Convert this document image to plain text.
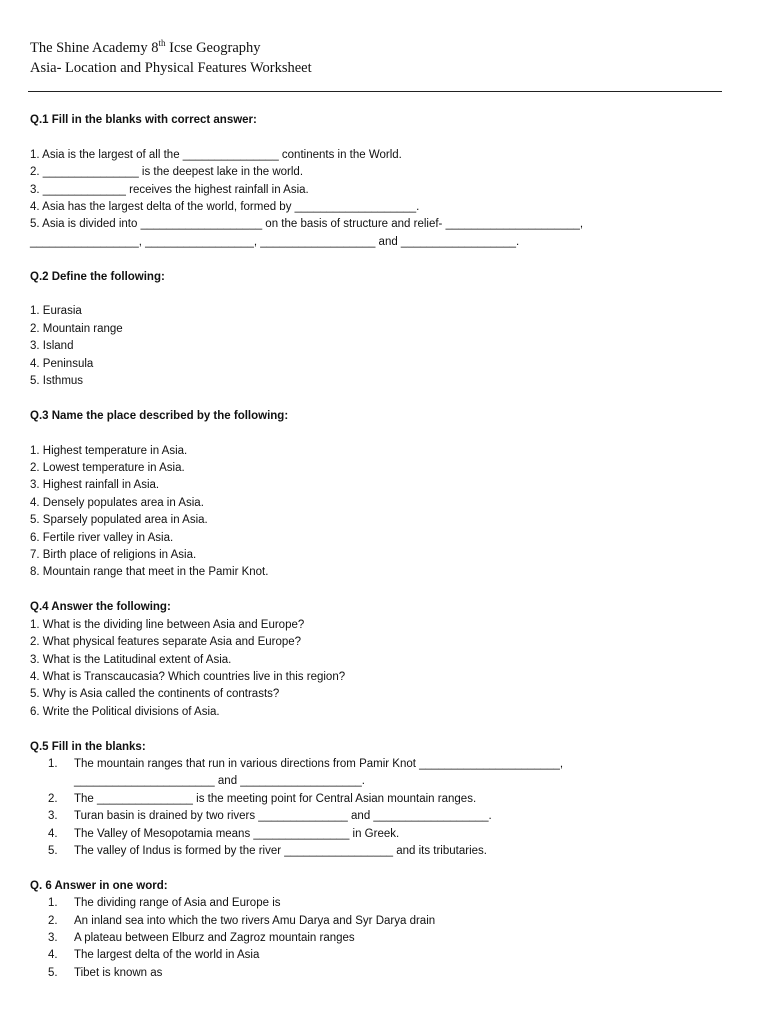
The Shine Academy 8th Icse Geography
Asia- Location and Physical Features Worksheet
Q.1 Fill in the blanks with correct answer:
1. Asia is the largest of all the _______________ continents in the World.
2. _______________ is the deepest lake in the world.
3. _____________ receives the highest rainfall in Asia.
4. Asia has the largest delta of the world, formed by ___________________.
5. Asia is divided into ___________________ on the basis of structure and relief- _____________________,
_________________, _________________, __________________ and __________________.
Q.2 Define the following:
1. Eurasia
2. Mountain range
3. Island
4. Peninsula
5. Isthmus
Q.3 Name the place described by the following:
1. Highest temperature in Asia.
2. Lowest temperature in Asia.
3. Highest rainfall in Asia.
4. Densely populates area in Asia.
5. Sparsely populated area in Asia.
6. Fertile river valley in Asia.
7. Birth place of religions in Asia.
8. Mountain range that meet in the Pamir Knot.
Q.4 Answer the following:
1. What is the dividing line between Asia and Europe?
2. What physical features separate Asia and Europe?
3. What is the Latitudinal extent of Asia.
4. What is Transcaucasia? Which countries live in this region?
5. Why is Asia called the continents of contrasts?
6. Write the Political divisions of Asia.
Q.5 Fill in the blanks:
1.	The mountain ranges that run in various directions from Pamir Knot ______________________,
______________________ and ___________________.
2.	The _______________ is the meeting point for Central Asian mountain ranges.
3.	Turan basin is drained by two rivers ______________ and __________________.
4.	The Valley of Mesopotamia means _______________ in Greek.
5.	The valley of Indus is formed by the river _________________ and its tributaries.
Q. 6 Answer in one word:
1.	The dividing range of Asia and Europe is
2.	An inland sea into which the two rivers Amu Darya and Syr Darya drain
3.	A plateau between Elburz and Zagroz mountain ranges
4.	The largest delta of the world in Asia
5.	Tibet is known as
